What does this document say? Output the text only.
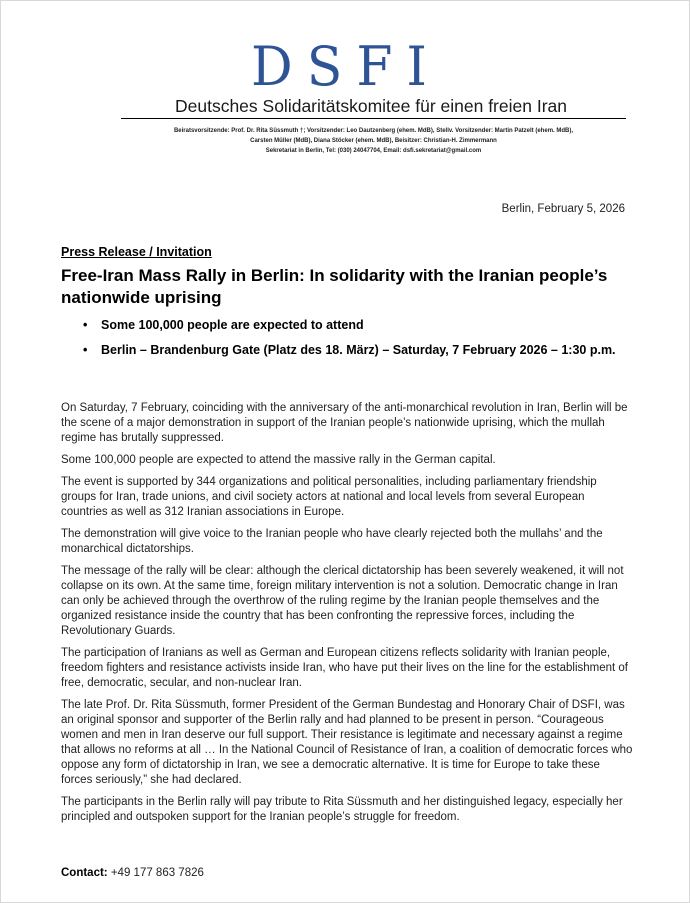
DSFI
Deutsches Solidaritätskomitee für einen freien Iran
Beiratsvorsitzende: Prof. Dr. Rita Süssmuth †; Vorsitzender: Leo Dautzenberg (ehem. MdB), Stellv. Vorsitzender: Martin Patzelt (ehem. MdB),
Carsten Müller (MdB), Diana Stöcker (ehem. MdB), Beisitzer: Christian-H. Zimmermann
Sekretariat in Berlin, Tel: (030) 24047704, Email: dsfi.sekretariat@gmail.com
Berlin, February 5, 2026
Press Release / Invitation
Free-Iran Mass Rally in Berlin: In solidarity with the Iranian people’s nationwide uprising
• Some 100,000 people are expected to attend
• Berlin – Brandenburg Gate (Platz des 18. März) – Saturday, 7 February 2026 – 1:30 p.m.

On Saturday, 7 February, coinciding with the anniversary of the anti-monarchical revolution in Iran, Berlin will be the scene of a major demonstration in support of the Iranian people’s nationwide uprising, which the mullah regime has brutally suppressed.

Some 100,000 people are expected to attend the massive rally in the German capital.

The event is supported by 344 organizations and political personalities, including parliamentary friendship groups for Iran, trade unions, and civil society actors at national and local levels from several European countries as well as 312 Iranian associations in Europe.

The demonstration will give voice to the Iranian people who have clearly rejected both the mullahs’ and the monarchical dictatorships.

The message of the rally will be clear: although the clerical dictatorship has been severely weakened, it will not collapse on its own. At the same time, foreign military intervention is not a solution. Democratic change in Iran can only be achieved through the overthrow of the ruling regime by the Iranian people themselves and the organized resistance inside the country that has been confronting the repressive forces, including the Revolutionary Guards.

The participation of Iranians as well as German and European citizens reflects solidarity with Iranian people, freedom fighters and resistance activists inside Iran, who have put their lives on the line for the establishment of free, democratic, secular, and non-nuclear Iran.

The late Prof. Dr. Rita Süssmuth, former President of the German Bundestag and Honorary Chair of DSFI, was an original sponsor and supporter of the Berlin rally and had planned to be present in person. “Courageous women and men in Iran deserve our full support. Their resistance is legitimate and necessary against a regime that allows no reforms at all … In the National Council of Resistance of Iran, a coalition of democratic forces who oppose any form of dictatorship in Iran, we see a democratic alternative. It is time for Europe to take these forces seriously,” she had declared.

The participants in the Berlin rally will pay tribute to Rita Süssmuth and her distinguished legacy, especially her principled and outspoken support for the Iranian people’s struggle for freedom.

Contact: +49 177 863 7826
